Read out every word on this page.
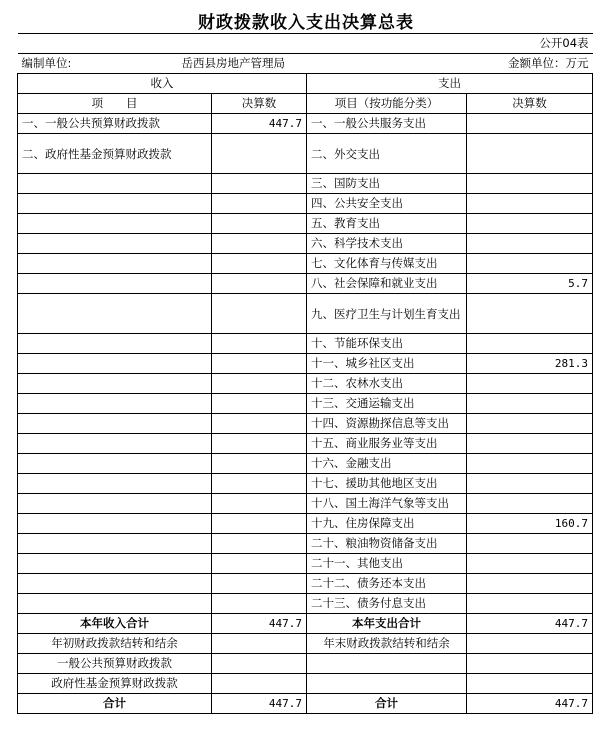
财政拨款收入支出决算总表
			公开04表
编制单位:	岳西县房地产管理局		金额单位：万元
收入		支出	
项　　目	决算数	项目（按功能分类）	决算数
一、一般公共预算财政拨款	447.7	一、一般公共服务支出	
二、政府性基金预算财政拨款		二、外交支出	
		三、国防支出	
		四、公共安全支出	
		五、教育支出	
		六、科学技术支出	
		七、文化体育与传媒支出	
		八、社会保障和就业支出	5.7
		九、医疗卫生与计划生育支出	
		十、节能环保支出	
		十一、城乡社区支出	281.3
		十二、农林水支出	
		十三、交通运输支出	
		十四、资源勘探信息等支出	
		十五、商业服务业等支出	
		十六、金融支出	
		十七、援助其他地区支出	
		十八、国土海洋气象等支出	
		十九、住房保障支出	160.7
		二十、粮油物资储备支出	
		二十一、其他支出	
		二十二、债务还本支出	
		二十三、债务付息支出	
本年收入合计	447.7	本年支出合计	447.7
年初财政拨款结转和结余		年末财政拨款结转和结余	
一般公共预算财政拨款			
政府性基金预算财政拨款			
合计	447.7	合计	447.7
